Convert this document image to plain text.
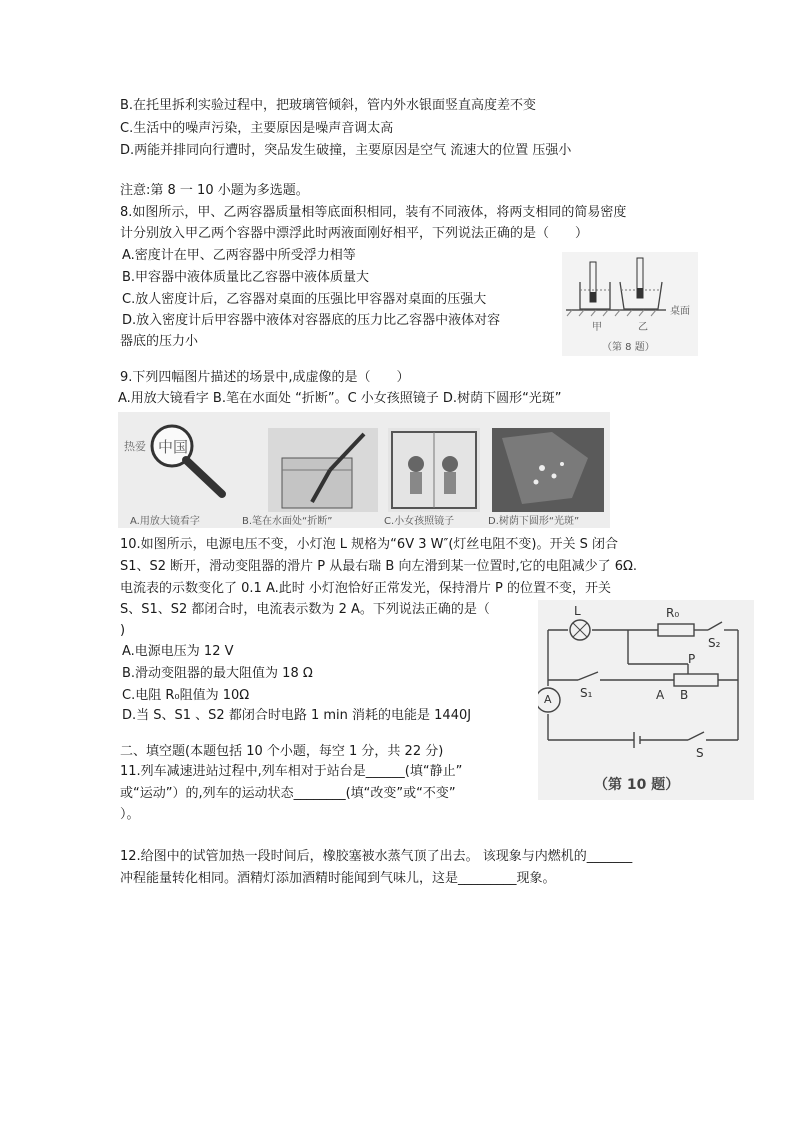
B.在托里拆利实验过程中，把玻璃管倾斜，管内外水银面竖直高度差不变
C.生活中的噪声污染，主要原因是噪声音调太高
D.两能并排同向行遭时，突品发生破撞，主要原因是空气 流速大的位置 压强小
注意:第 8 一 10 小题为多选题。
8.如图所示，甲、乙两容器质量相等底面积相同，装有不同液体，将两支相同的简易密度
计分别放入甲乙两个容器中漂浮此时两液面刚好相平，下列说法正确的是（　　）
A.密度计在甲、乙两容器中所受浮力相等
B.甲容器中液体质量比乙容器中液体质量大
C.放人密度计后，乙容器对桌面的压强比甲容器对桌面的压强大
D.放入密度计后甲容器中液体对容器底的压力比乙容器中液体对容
器底的压力小
桌面
甲	乙
（第 8 题）
9.下列四幅图片描述的场景中,成虚像的是（　　）
A.用放大镜看字 B.笔在水面处 “折断”。C 小女孩照镜子 D.树荫下圆形“光斑”
热爱 中国
A.用放大镜看字	B.笔在水面处“折断”	C.小女孩照镜子	D.树荫下圆形“光斑”
10.如图所示，电源电压不变，小灯泡 L 规格为“6V 3 W″(灯丝电阻不变)。开关 S 闭合
S1、S2 断开，滑动变阻器的滑片 P 从最右瑞 B 向左滑到某一位置时,它的电阻减少了 6Ω.
电流表的示数变化了 0.1 A.此时 小灯泡恰好正常发光，保持滑片 P 的位置不变，开关
S、S1、S2 都闭合时，电流表示数为 2 A。下列说法正确的是（
)
A.电源电压为 12 V
B.滑动变阻器的最大阻值为 18 Ω
C.电阻 R₀阻值为 10Ω
D.当 S、S1 、S2 都闭合时电路 1 min 消耗的电能是 1440J
L	R₀
S₂
P
A B
S₁
A
S
（第 10 题）
二、填空题(本题包括 10 个小题，每空 1 分，共 22 分)
11.列车减速进站过程中,列车相对于站台是______(填“静止”
或“运动”）的,列车的运动状态________(填“改变”或“不变”
）。
12.给图中的试管加热一段时间后，橡胶塞被水蒸气顶了出去。 该现象与内燃机的_______
冲程能量转化相同。酒精灯添加酒精时能闻到气味儿，这是_________现象。
